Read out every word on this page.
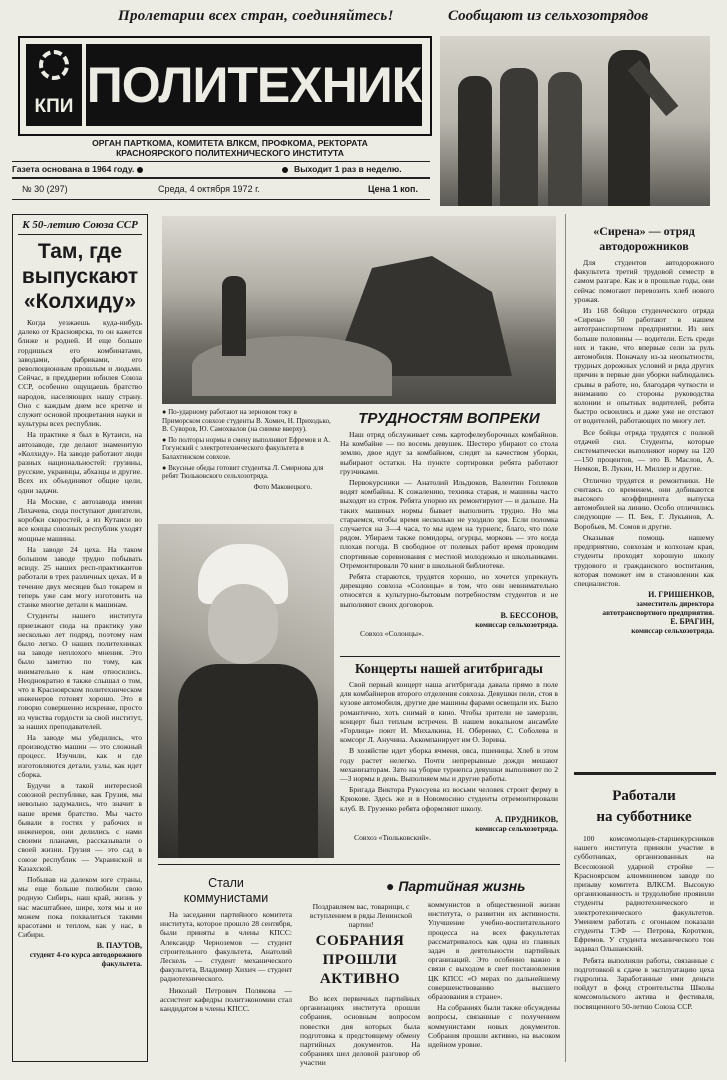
Пролетарии всех стран, соединяйтесь!	Сообщают из сельхозотрядов
КПИ ПОЛИТЕХНИК
ОРГАН ПАРТКОМА, КОМИТЕТА ВЛКСМ, ПРОФКОМА, РЕКТОРАТА
КРАСНОЯРСКОГО ПОЛИТЕХНИЧЕСКОГО ИНСТИТУТА
Газета основана в 1964 году.	Выходит 1 раз в неделю.
№ 30 (297)	Среда, 4 октября 1972 г.	Цена 1 коп.
К 50-летию Союза ССР
Там, где
выпускают
«Колхиду»

Когда уезжаешь куда-нибудь далеко от Красноярска, то он кажется ближе и родней. И еще больше гордишься его комбинатами, заводами, фабриками, его революционным прошлым и людьми. Сейчас, в преддверии юбилея Союза ССР, особенно ощущаешь братство народов, населяющих нашу страну. Оно с каждым днем все крепче и служит основой процветания науки и культуры всех республик.

На практике я был в Кутаиси, на автозаводе, где делают знаменитую «Колхиду». На заводе работают люди разных национальностей: грузины, русские, украинцы, абхазцы и другие. Всех их объединяют общие цели, одни задачи.

На Москве, с автозавода имени Лихачева, сюда поступают двигатели, коробки скоростей, а из Кутаиси во все концы союзных республик уходят мощные машины.

На заводе 24 цеха. На таком большом заводе трудно побывать всюду. 25 наших респ-практикантов работали в трех различных цехах. И в течение двух месяцев был токарем и теперь уже сам могу изготовить на станке многие детали к машинам.

Студенты нашего института приезжают сюда на практику уже несколько лет подряд, поэтому нам было легко. О наших политехниках на заводе неплохого мнения. Это было заметно по тому, как внимательно к нам относились. Неоднократно я также слышал о том, что в Красноярском политехническом инженеров готовят хорошо. Это я говорю совершенно искренне, просто из чувства гордости за свой институт, за наших преподавателей.

На заводе мы убедились, что производство машин — это сложный процесс. Изучили, как и где изготовляются детали, узлы, как идет сборка.

Будучи в такой интересной союзной республике, как Грузия, мы невольно задумались, что значит в наше время братство. Мы часто бывали в гостях у рабочих и инженеров, они делились с нами своими планами, рассказывали о своей жизни. Грузия — это сад в союзе республик — Украинской и Казахской.

Побывав на далеком юге страны, мы еще больше полюбили свою родную Сибирь, наш край, жизнь у нас масштабнее, шире, хотя мы и не можем пока похвалиться такими красотами и теплом, как у нас, в Сибири.

В. ПАУТОВ,

студент 4-го курса автодорожного факультета.

● По-ударному работают на зерновом току в Приморском совхозе студенты В. Хомич, Н. Приходько, В. Суворов, Ю. Самохвалов (на снимке вверху).

● По полторы нормы в смену выполняют Ефремов и А. Гогунский с электротехнического факультета в Балахтинском совхозе.

● Вкусные обеды готовит студентка Л. Смирнова для ребят Тюльковского сельхозотряда.

Фото Маковецкого.

ТРУДНОСТЯМ ВОПРЕКИ

Наш отряд обслуживает семь картофелеуборочных комбайнов. На комбайне — по восемь девушек. Шестеро убирают со стола землю, двое идут за комбайном, следят за качеством уборки, выбирают остатки. На пункте сортировки ребята работают грузчиками.

Первокурсники — Анатолий Ильдюков, Валентин Гоплеков водят комбайны. К сожалению, техника старая, и машины часто выходят из строя. Ребята упорно их ремонтируют — и дальше. На таких машинах нормы бывает выполнить трудно. Но мы стараемся, чтобы время несколько не уходило зря. Если поломка случается на 3—4 часа, то мы идем на турнепс, благо, что поле рядом. Убираем также помидоры, огурцы, морковь — это когда плохая погода. В свободное от полевых работ время проводим спортивные соревнования с местной молодежью и школьниками. Отремонтировали 70 книг в школьной библиотеке.

Ребята стараются, трудятся хорошо, но хочется упрекнуть дирекцию совхоза «Солонцы» в том, что они невнимательно относятся к культурно-бытовым потребностям студентов и не выполняют своих договоров.

В. БЕССОНОВ,

комиссар сельхозотряда.

Совхоз «Солонцы».

Концерты нашей агитбригады

Свой первый концерт наша агитбригада давала прямо в поле для комбайнеров второго отделения совхоза. Девушки пели, стоя в кузове автомобиля, другие две машины фарами освещали их. Было романтично, хоть снимай в кино. Чтобы зрители не замерзли, концерт был теплым встречен. В нашем вокальном ансамбле «Горлица» поют И. Михалкина, Н. Оберенко, С. Соболева и комсорг Л. Анучина. Аккомпанирует им О. Зорина.

В хозяйстве идет уборка ячменя, овса, пшеницы. Хлеб в этом году растет нелегко. Почти непрерывные дожди мешают механизаторам. Зато на уборке турнепса девушки выполняют по 2—3 нормы в день. Выполняем мы и другие работы.

Бригада Виктора Рукосуева из восьми человек строит ферму в Крюкове. Здесь же и в Новомосино студенты отремонтировали клуб. В. Грузенко ребята оформляют школу.

А. ПРУДНИКОВ,

комиссар сельхозотряда.

Совхоз «Тюльковский».

«Сирена» — отряд
автодорожников

Для студентов автодорожного факультета третий трудовой семестр в самом разгаре. Как и в прошлые годы, они сейчас помогают перевозить хлеб нового урожая.

Из 168 бойцов студенческого отряда «Сирена» 50 работают в нашем автотранспортном предприятии. Из них больше половины — водители. Есть среди них и такие, что впервые сели за руль автомобиля. Поначалу из-за неопытности, трудных дорожных условий и ряда других причин в первые дни уборки наблюдались срывы в работе, но, благодаря чуткости и вниманию со стороны руководства колонии и опытных водителей, ребята быстро освоились и даже уже не отстают от водителей, работающих по многу лет.

Все бойцы отряда трудятся с полной отдачей сил. Студенты, которые систематически выполняют норму на 120—150 процентов, — это В. Маслов, А. Немков, В. Лукин, Н. Миллер и другие.

Отлично трудятся и ремонтники. Не считаясь со временем, они добиваются высокого коэффициента выпуска автомобилей на линию. Особо отличились следующие — П. Бек, Г. Лукьянов, А. Воробьев, М. Сомов и другие.

Оказывая помощь нашему предприятию, совхозам и колхозам края, студенты проходят хорошую школу трудового и гражданского воспитания, которая поможет им в становлении как специалистов.

И. ГРИШЕНКОВ,

заместитель директора автотранспортного предприятия.

Е. БРАГИН,

комиссар сельхозотряда.

Работали
на субботнике

100 комсомольцев-старшекурсников нашего института приняли участие в субботниках, организованных на Всесоюзной ударной стройке — Красноярском алюминиевом заводе по призыву комитета ВЛКСМ. Высокую организованность и трудолюбие проявили студенты радиотехнического и электротехнического факультетов. Умением работать с огоньком показали студенты ТЭФ — Петрова, Коротков, Ефремов. У студента механического тон задавал Ольшанский.

Ребята выполняли работы, связанные с подготовкой к сдаче в эксплуатацию цеха гидролиза. Заработанные ими деньги пойдут в фонд строительства Школы комсомольского актива и фестиваля, посвященного 50-летию Союза ССР.

Стали
коммунистами

На заседании партийного комитета института, которое прошло 28 сентября, были приняты в члены КПСС: Александр Черноземов — студент строительного факультета, Анатолий Лескель — студент механического факультета, Владимир Хихич — студент радиотехнического.

Николай Петрович Полякова — ассистент кафедры политэкономии стал кандидатом в члены КПСС.

● Партийная жизнь

Поздравляем вас, товарищи, с вступлением в ряды Ленинской партии!

СОБРАНИЯ
ПРОШЛИ
АКТИВНО

Во всех первичных партийных организациях института прошли собрания, основным вопросом повестки дня которых была подготовка к предстоящему обмену партийных документов. На собраниях шел деловой разговор об участии

коммунистов в общественной жизни института, о развитии их активности. Улучшение учебно-воспитательного процесса на всех факультетах рассматривалось как одна из главных задач в деятельности партийных организаций. Это особенно важно в связи с выходом в свет постановления ЦК КПСС «О мерах по дальнейшему совершенствованию высшего образования в стране».

На собраниях были также обсуждены вопросы, связанные с получением коммунистами новых документов. Собрания прошли активно, на высоком идейном уровне.
